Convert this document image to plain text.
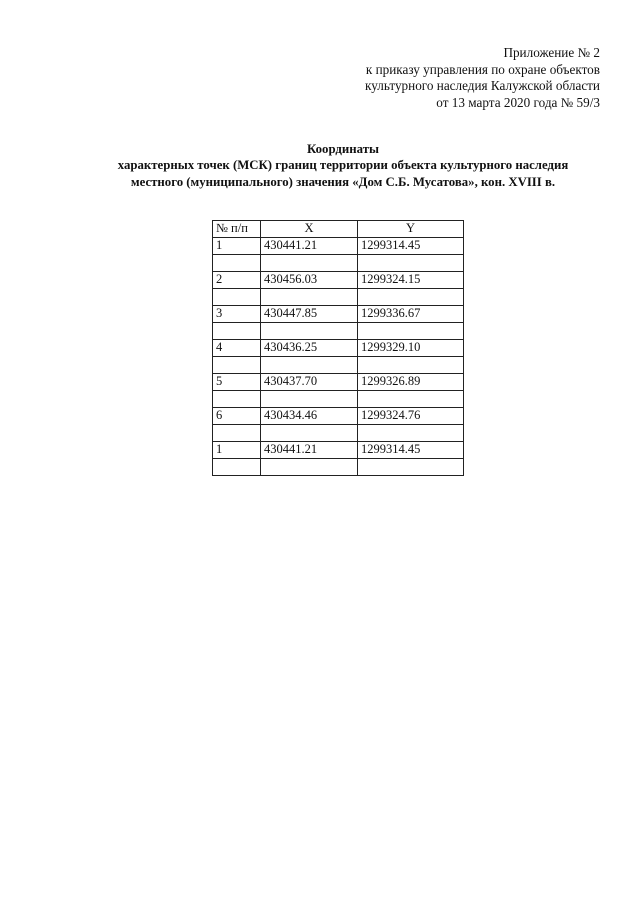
Приложение № 2
к приказу управления по охране объектов
культурного наследия Калужской области
от 13 марта 2020 года № 59/3
Координаты
характерных точек (МСК) границ территории объекта культурного наследия
местного (муниципального) значения «Дом С.Б. Мусатова», кон. XVIII в.
№ п/п	X	Y
1	430441.21	1299314.45

2	430456.03	1299324.15

3	430447.85	1299336.67

4	430436.25	1299329.10

5	430437.70	1299326.89

6	430434.46	1299324.76

1	430441.21	1299314.45
